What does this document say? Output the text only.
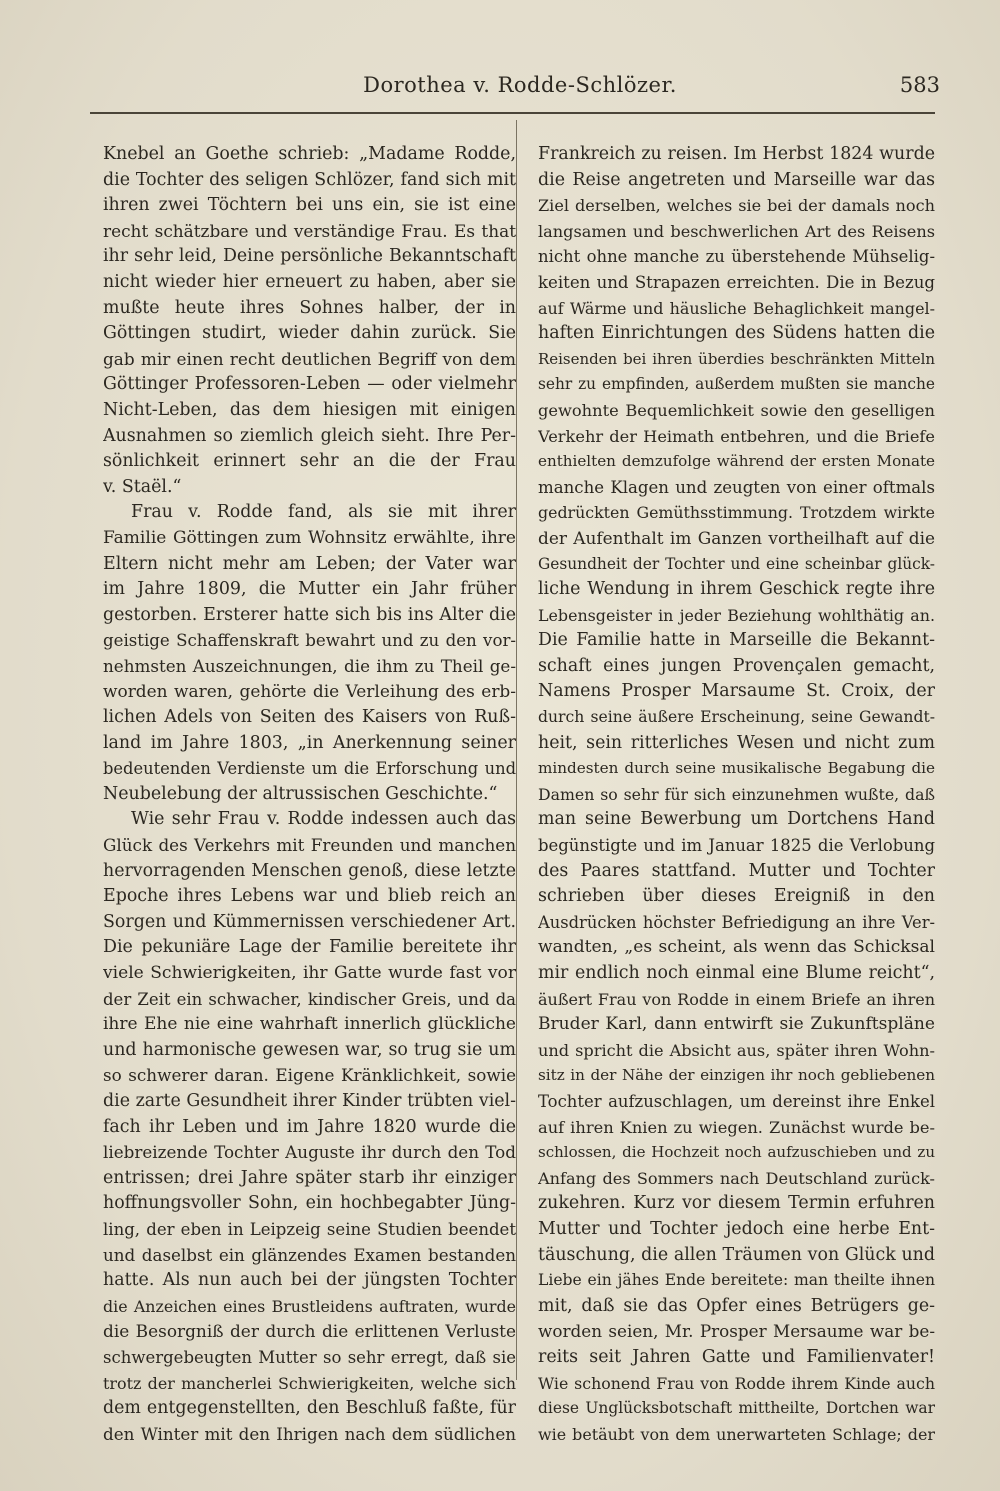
Dorothea v. Rodde-Schlözer.	583
Knebel an Goethe schrieb: „Madame Rodde,
die Tochter des seligen Schlözer, fand sich mit
ihren zwei Töchtern bei uns ein, sie ist eine
recht schätzbare und verständige Frau. Es that
ihr sehr leid, Deine persönliche Bekanntschaft
nicht wieder hier erneuert zu haben, aber sie
mußte heute ihres Sohnes halber, der in
Göttingen studirt, wieder dahin zurück. Sie
gab mir einen recht deutlichen Begriff von dem
Göttinger Professoren-Leben — oder vielmehr
Nicht-Leben, das dem hiesigen mit einigen
Ausnahmen so ziemlich gleich sieht. Ihre Per-
sönlichkeit erinnert sehr an die der Frau
v. Staël.“
Frau v. Rodde fand, als sie mit ihrer
Familie Göttingen zum Wohnsitz erwählte, ihre
Eltern nicht mehr am Leben; der Vater war
im Jahre 1809, die Mutter ein Jahr früher
gestorben. Ersterer hatte sich bis ins Alter die
geistige Schaffenskraft bewahrt und zu den vor-
nehmsten Auszeichnungen, die ihm zu Theil ge-
worden waren, gehörte die Verleihung des erb-
lichen Adels von Seiten des Kaisers von Ruß-
land im Jahre 1803, „in Anerkennung seiner
bedeutenden Verdienste um die Erforschung und
Neubelebung der altrussischen Geschichte.“
Wie sehr Frau v. Rodde indessen auch das
Glück des Verkehrs mit Freunden und manchen
hervorragenden Menschen genoß, diese letzte
Epoche ihres Lebens war und blieb reich an
Sorgen und Kümmernissen verschiedener Art.
Die pekuniäre Lage der Familie bereitete ihr
viele Schwierigkeiten, ihr Gatte wurde fast vor
der Zeit ein schwacher, kindischer Greis, und da
ihre Ehe nie eine wahrhaft innerlich glückliche
und harmonische gewesen war, so trug sie um
so schwerer daran. Eigene Kränklichkeit, sowie
die zarte Gesundheit ihrer Kinder trübten viel-
fach ihr Leben und im Jahre 1820 wurde die
liebreizende Tochter Auguste ihr durch den Tod
entrissen; drei Jahre später starb ihr einziger
hoffnungsvoller Sohn, ein hochbegabter Jüng-
ling, der eben in Leipzeig seine Studien beendet
und daselbst ein glänzendes Examen bestanden
hatte. Als nun auch bei der jüngsten Tochter
die Anzeichen eines Brustleidens auftraten, wurde
die Besorgniß der durch die erlittenen Verluste
schwergebeugten Mutter so sehr erregt, daß sie
trotz der mancherlei Schwierigkeiten, welche sich
dem entgegenstellten, den Beschluß faßte, für
den Winter mit den Ihrigen nach dem südlichen
Frankreich zu reisen. Im Herbst 1824 wurde
die Reise angetreten und Marseille war das
Ziel derselben, welches sie bei der damals noch
langsamen und beschwerlichen Art des Reisens
nicht ohne manche zu überstehende Mühselig-
keiten und Strapazen erreichten. Die in Bezug
auf Wärme und häusliche Behaglichkeit mangel-
haften Einrichtungen des Südens hatten die
Reisenden bei ihren überdies beschränkten Mitteln
sehr zu empfinden, außerdem mußten sie manche
gewohnte Bequemlichkeit sowie den geselligen
Verkehr der Heimath entbehren, und die Briefe
enthielten demzufolge während der ersten Monate
manche Klagen und zeugten von einer oftmals
gedrückten Gemüthsstimmung. Trotzdem wirkte
der Aufenthalt im Ganzen vortheilhaft auf die
Gesundheit der Tochter und eine scheinbar glück-
liche Wendung in ihrem Geschick regte ihre
Lebensgeister in jeder Beziehung wohlthätig an.
Die Familie hatte in Marseille die Bekannt-
schaft eines jungen Provençalen gemacht,
Namens Prosper Marsaume St. Croix, der
durch seine äußere Erscheinung, seine Gewandt-
heit, sein ritterliches Wesen und nicht zum
mindesten durch seine musikalische Begabung die
Damen so sehr für sich einzunehmen wußte, daß
man seine Bewerbung um Dortchens Hand
begünstigte und im Januar 1825 die Verlobung
des Paares stattfand. Mutter und Tochter
schrieben über dieses Ereigniß in den
Ausdrücken höchster Befriedigung an ihre Ver-
wandten, „es scheint, als wenn das Schicksal
mir endlich noch einmal eine Blume reicht“,
äußert Frau von Rodde in einem Briefe an ihren
Bruder Karl, dann entwirft sie Zukunftspläne
und spricht die Absicht aus, später ihren Wohn-
sitz in der Nähe der einzigen ihr noch gebliebenen
Tochter aufzuschlagen, um dereinst ihre Enkel
auf ihren Knien zu wiegen. Zunächst wurde be-
schlossen, die Hochzeit noch aufzuschieben und zu
Anfang des Sommers nach Deutschland zurück-
zukehren. Kurz vor diesem Termin erfuhren
Mutter und Tochter jedoch eine herbe Ent-
täuschung, die allen Träumen von Glück und
Liebe ein jähes Ende bereitete: man theilte ihnen
mit, daß sie das Opfer eines Betrügers ge-
worden seien, Mr. Prosper Mersaume war be-
reits seit Jahren Gatte und Familienvater!
Wie schonend Frau von Rodde ihrem Kinde auch
diese Unglücksbotschaft mittheilte, Dortchen war
wie betäubt von dem unerwarteten Schlage; der
